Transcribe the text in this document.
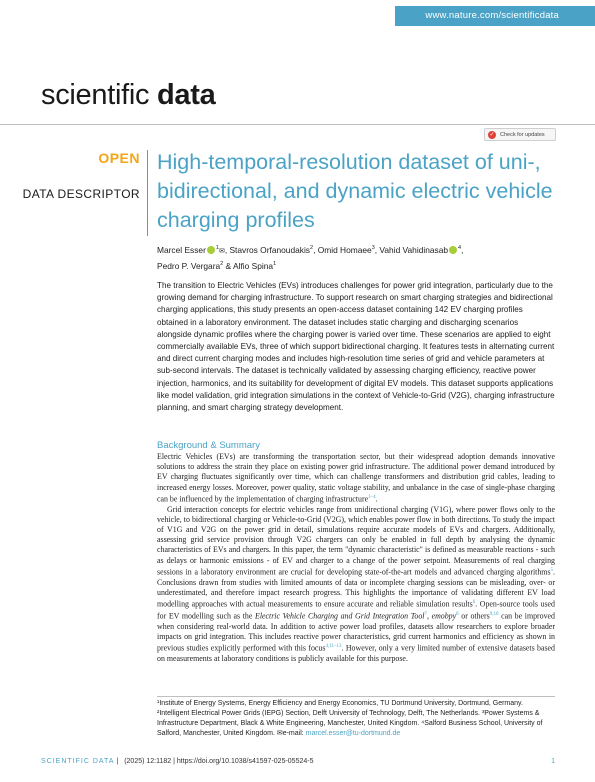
www.nature.com/scientificdata
scientific data
✓ Check for updates
OPEN
DATA DESCRIPTOR
High-temporal-resolution dataset of uni-, bidirectional, and dynamic electric vehicle charging profiles
Marcel Esser $^1$✉, Stavros Orfanoudakis$^2$, Omid Homaee$^3$, Vahid Vahidinasab $^4$,
Pedro P. Vergara$^2$ & Alfio Spina$^1$
The transition to Electric Vehicles (EVs) introduces challenges for power grid integration, particularly due to the growing demand for charging infrastructure. To support research on smart charging strategies and bidirectional charging applications, this study presents an open-access dataset containing 142 EV charging profiles obtained in a laboratory environment. The dataset includes static charging and discharging scenarios alongside dynamic profiles where the charging power is varied over time. These scenarios are applied to eight commercially available EVs, three of which support bidirectional charging. It features tests in alternating current and direct current charging modes and includes high-resolution time series of grid and vehicle parameters at sub-second intervals. The dataset is technically validated by assessing charging efficiency, reactive power injection, harmonics, and its suitability for development of digital EV models. This dataset supports applications like model validation, grid integration simulations in the context of Vehicle-to-Grid (V2G), charging infrastructure planning, and smart charging strategy development.
Background & Summary

Electric Vehicles (EVs) are transforming the transportation sector, but their widespread adoption demands innovative solutions to address the strain they place on existing power grid infrastructure. The additional power demand introduced by EV charging fluctuates significantly over time, which can challenge transformers and distribution grid cables, leading to increased energy losses. Moreover, power quality, static voltage stability, and unbalance in the case of single-phase charging can be influenced by the implementation of charging infrastructure$^{1-4}$.

Grid interaction concepts for electric vehicles range from unidirectional charging (V1G), where power flows only to the vehicle, to bidirectional charging or Vehicle-to-Grid (V2G), which enables power flow in both directions. To study the impact of V1G and V2G on the power grid in detail, simulations require accurate models of EVs and chargers. Additionally, assessing grid service provision through V2G chargers can only be enabled in full depth by analysing the dynamic characteristics of EVs and chargers. In this paper, the term "dynamic characteristic" is defined as measurable reactions - such as delays or harmonic emissions - of EV and charger to a change of the power setpoint. Measurements of real charging sessions in a laboratory environment are crucial for developing state-of-the-art models and advanced charging algorithms$^5$. Conclusions drawn from studies with limited amounts of data or incomplete charging sessions can be misleading, over- or underestimated, and therefore impact research progress. This highlights the importance of validating different EV load modelling approaches with actual measurements to ensure accurate and reliable simulation results$^6$. Open-source tools used for EV modelling such as the Electric Vehicle Charging and Grid Integration Tool$^7$, emobpy$^8$ or others$^{9,10}$ can be improved when considering real-world data. In addition to active power load profiles, datasets allow researchers to explore broader impacts on grid integration. This includes reactive power characteristics, grid current harmonics and efficiency as shown in previous studies explicitly performed with this focus$^{4,11-13}$. However, only a very limited number of extensive datasets based on measurements at laboratory conditions is publicly available for this purpose.

¹Institute of Energy Systems, Energy Efficiency and Energy Economics, TU Dortmund University, Dortmund, Germany. ²Intelligent Electrical Power Grids (IEPG) Section, Delft University of Technology, Delft, The Netherlands. ³Power Systems & Infrastructure Department, Black & White Engineering, Manchester, United Kingdom. ⁴Salford Business School, University of Salford, Manchester, United Kingdom. ✉e-mail: marcel.esser@tu-dortmund.de
SCIENTIFIC DATA | (2025) 12:1182 | https://doi.org/10.1038/s41597-025-05524-5	1
